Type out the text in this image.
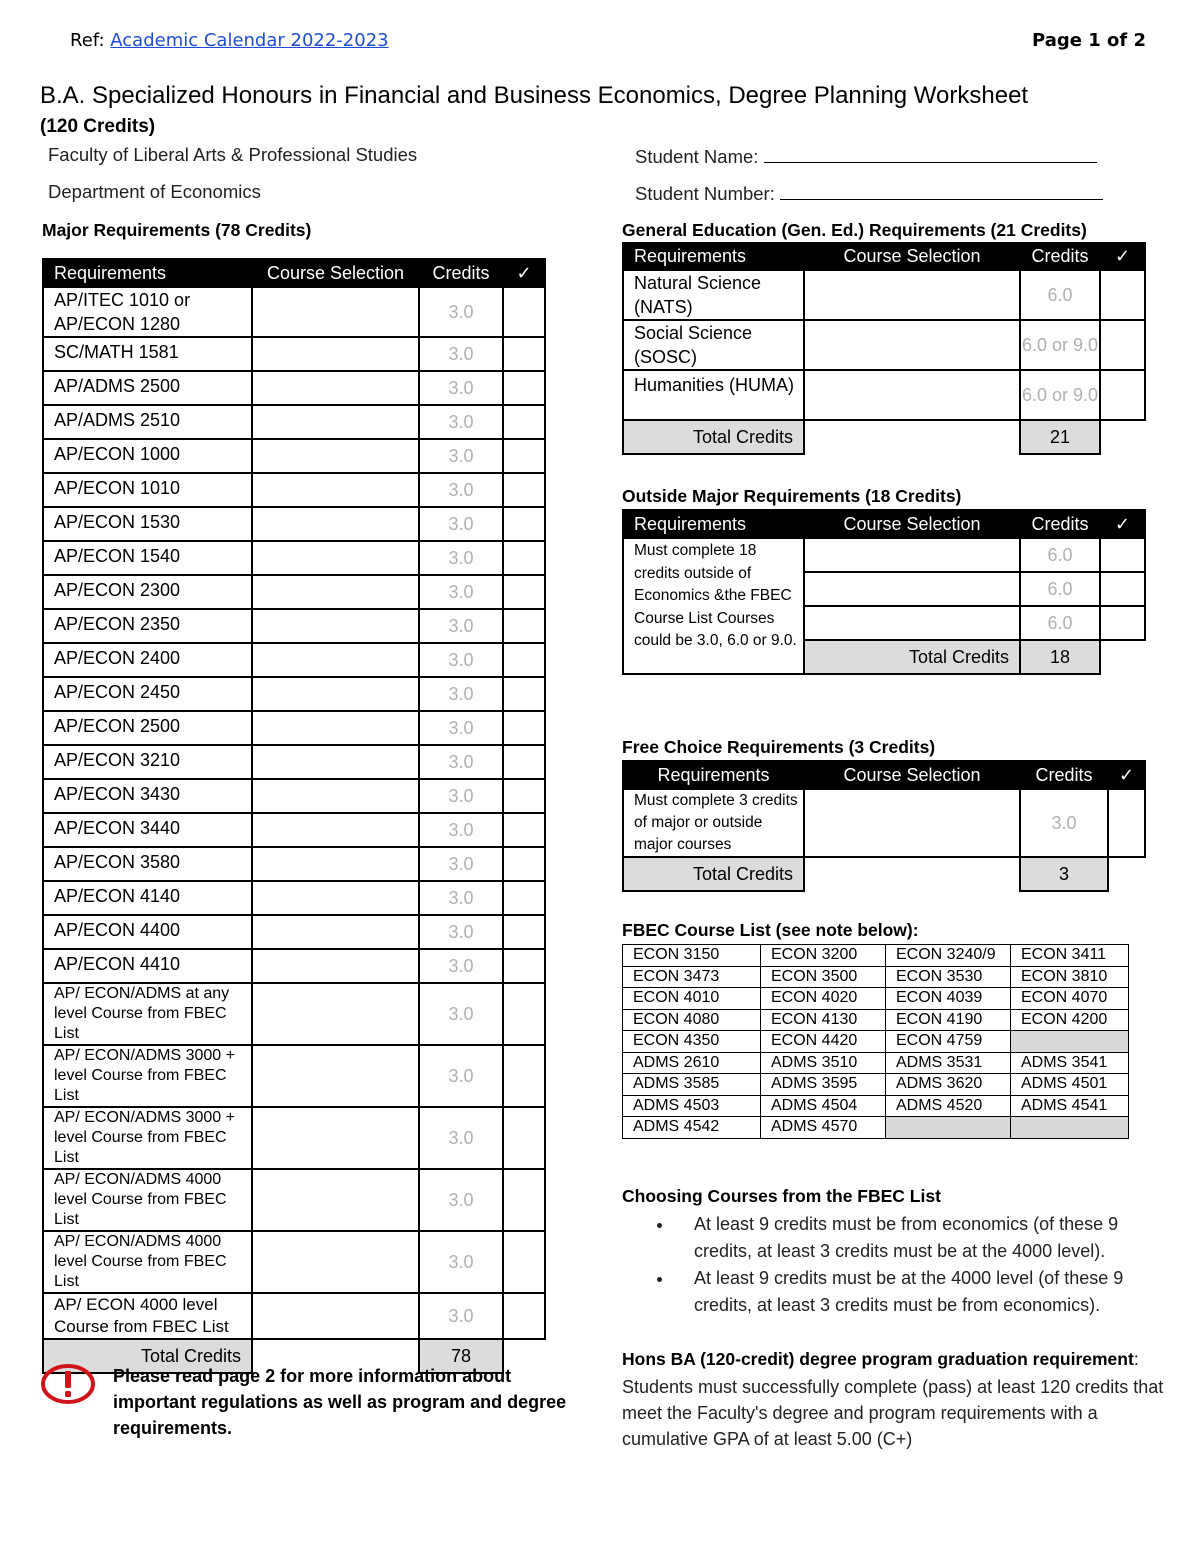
Ref: Academic Calendar 2022-2023	Page 1 of 2
B.A. Specialized Honours in Financial and Business Economics, Degree Planning Worksheet
(120 Credits)
Faculty of Liberal Arts & Professional Studies
Department of Economics
Student Name:
Student Number:
Major Requirements (78 Credits)
Requirements	Course Selection	Credits	✓
AP/ITEC 1010 or AP/ECON 1280		3.0	
SC/MATH 1581		3.0	
AP/ADMS 2500		3.0	
AP/ADMS 2510		3.0	
AP/ECON 1000		3.0	
AP/ECON 1010		3.0	
AP/ECON 1530		3.0	
AP/ECON 1540		3.0	
AP/ECON 2300		3.0	
AP/ECON 2350		3.0	
AP/ECON 2400		3.0	
AP/ECON 2450		3.0	
AP/ECON 2500		3.0	
AP/ECON 3210		3.0	
AP/ECON 3430		3.0	
AP/ECON 3440		3.0	
AP/ECON 3580		3.0	
AP/ECON 4140		3.0	
AP/ECON 4400		3.0	
AP/ECON 4410		3.0	
AP/ ECON/ADMS at any level Course from FBEC List		3.0	
AP/ ECON/ADMS 3000 + level Course from FBEC List		3.0	
AP/ ECON/ADMS 3000 + level Course from FBEC List		3.0	
AP/ ECON/ADMS 4000 level Course from FBEC List		3.0	
AP/ ECON/ADMS 4000 level Course from FBEC List		3.0	
AP/ ECON 4000 level Course from FBEC List		3.0	
Total Credits		78	
General Education (Gen. Ed.) Requirements (21 Credits)
Requirements	Course Selection	Credits	✓
Natural Science (NATS)		6.0	
Social Science (SOSC)		6.0 or 9.0	
Humanities (HUMA)		6.0 or 9.0	
Total Credits		21	
Outside Major Requirements (18 Credits)
Requirements	Course Selection	Credits	✓
Must complete 18 credits outside of Economics &the FBEC Course List Courses could be 3.0, 6.0 or 9.0.		6.0	
		6.0	
		6.0	
	Total Credits	18	
Free Choice Requirements (3 Credits)
Requirements	Course Selection	Credits	✓
Must complete 3 credits of major or outside major courses		3.0	
Total Credits		3	
FBEC Course List (see note below):
ECON 3150	ECON 3200	ECON 3240/9	ECON 3411
ECON 3473	ECON 3500	ECON 3530	ECON 3810
ECON 4010	ECON 4020	ECON 4039	ECON 4070
ECON 4080	ECON 4130	ECON 4190	ECON 4200
ECON 4350	ECON 4420	ECON 4759	
ADMS 2610	ADMS 3510	ADMS 3531	ADMS 3541
ADMS 3585	ADMS 3595	ADMS 3620	ADMS 4501
ADMS 4503	ADMS 4504	ADMS 4520	ADMS 4541
ADMS 4542	ADMS 4570		
Choosing Courses from the FBEC List
• At least 9 credits must be from economics (of these 9 credits, at least 3 credits must be at the 4000 level).
• At least 9 credits must be at the 4000 level (of these 9 credits, at least 3 credits must be from economics).
Hons BA (120-credit) degree program graduation requirement:
Students must successfully complete (pass) at least 120 credits that meet the Faculty's degree and program requirements with a cumulative GPA of at least 5.00 (C+)
Please read page 2 for more information about important regulations as well as program and degree requirements.
